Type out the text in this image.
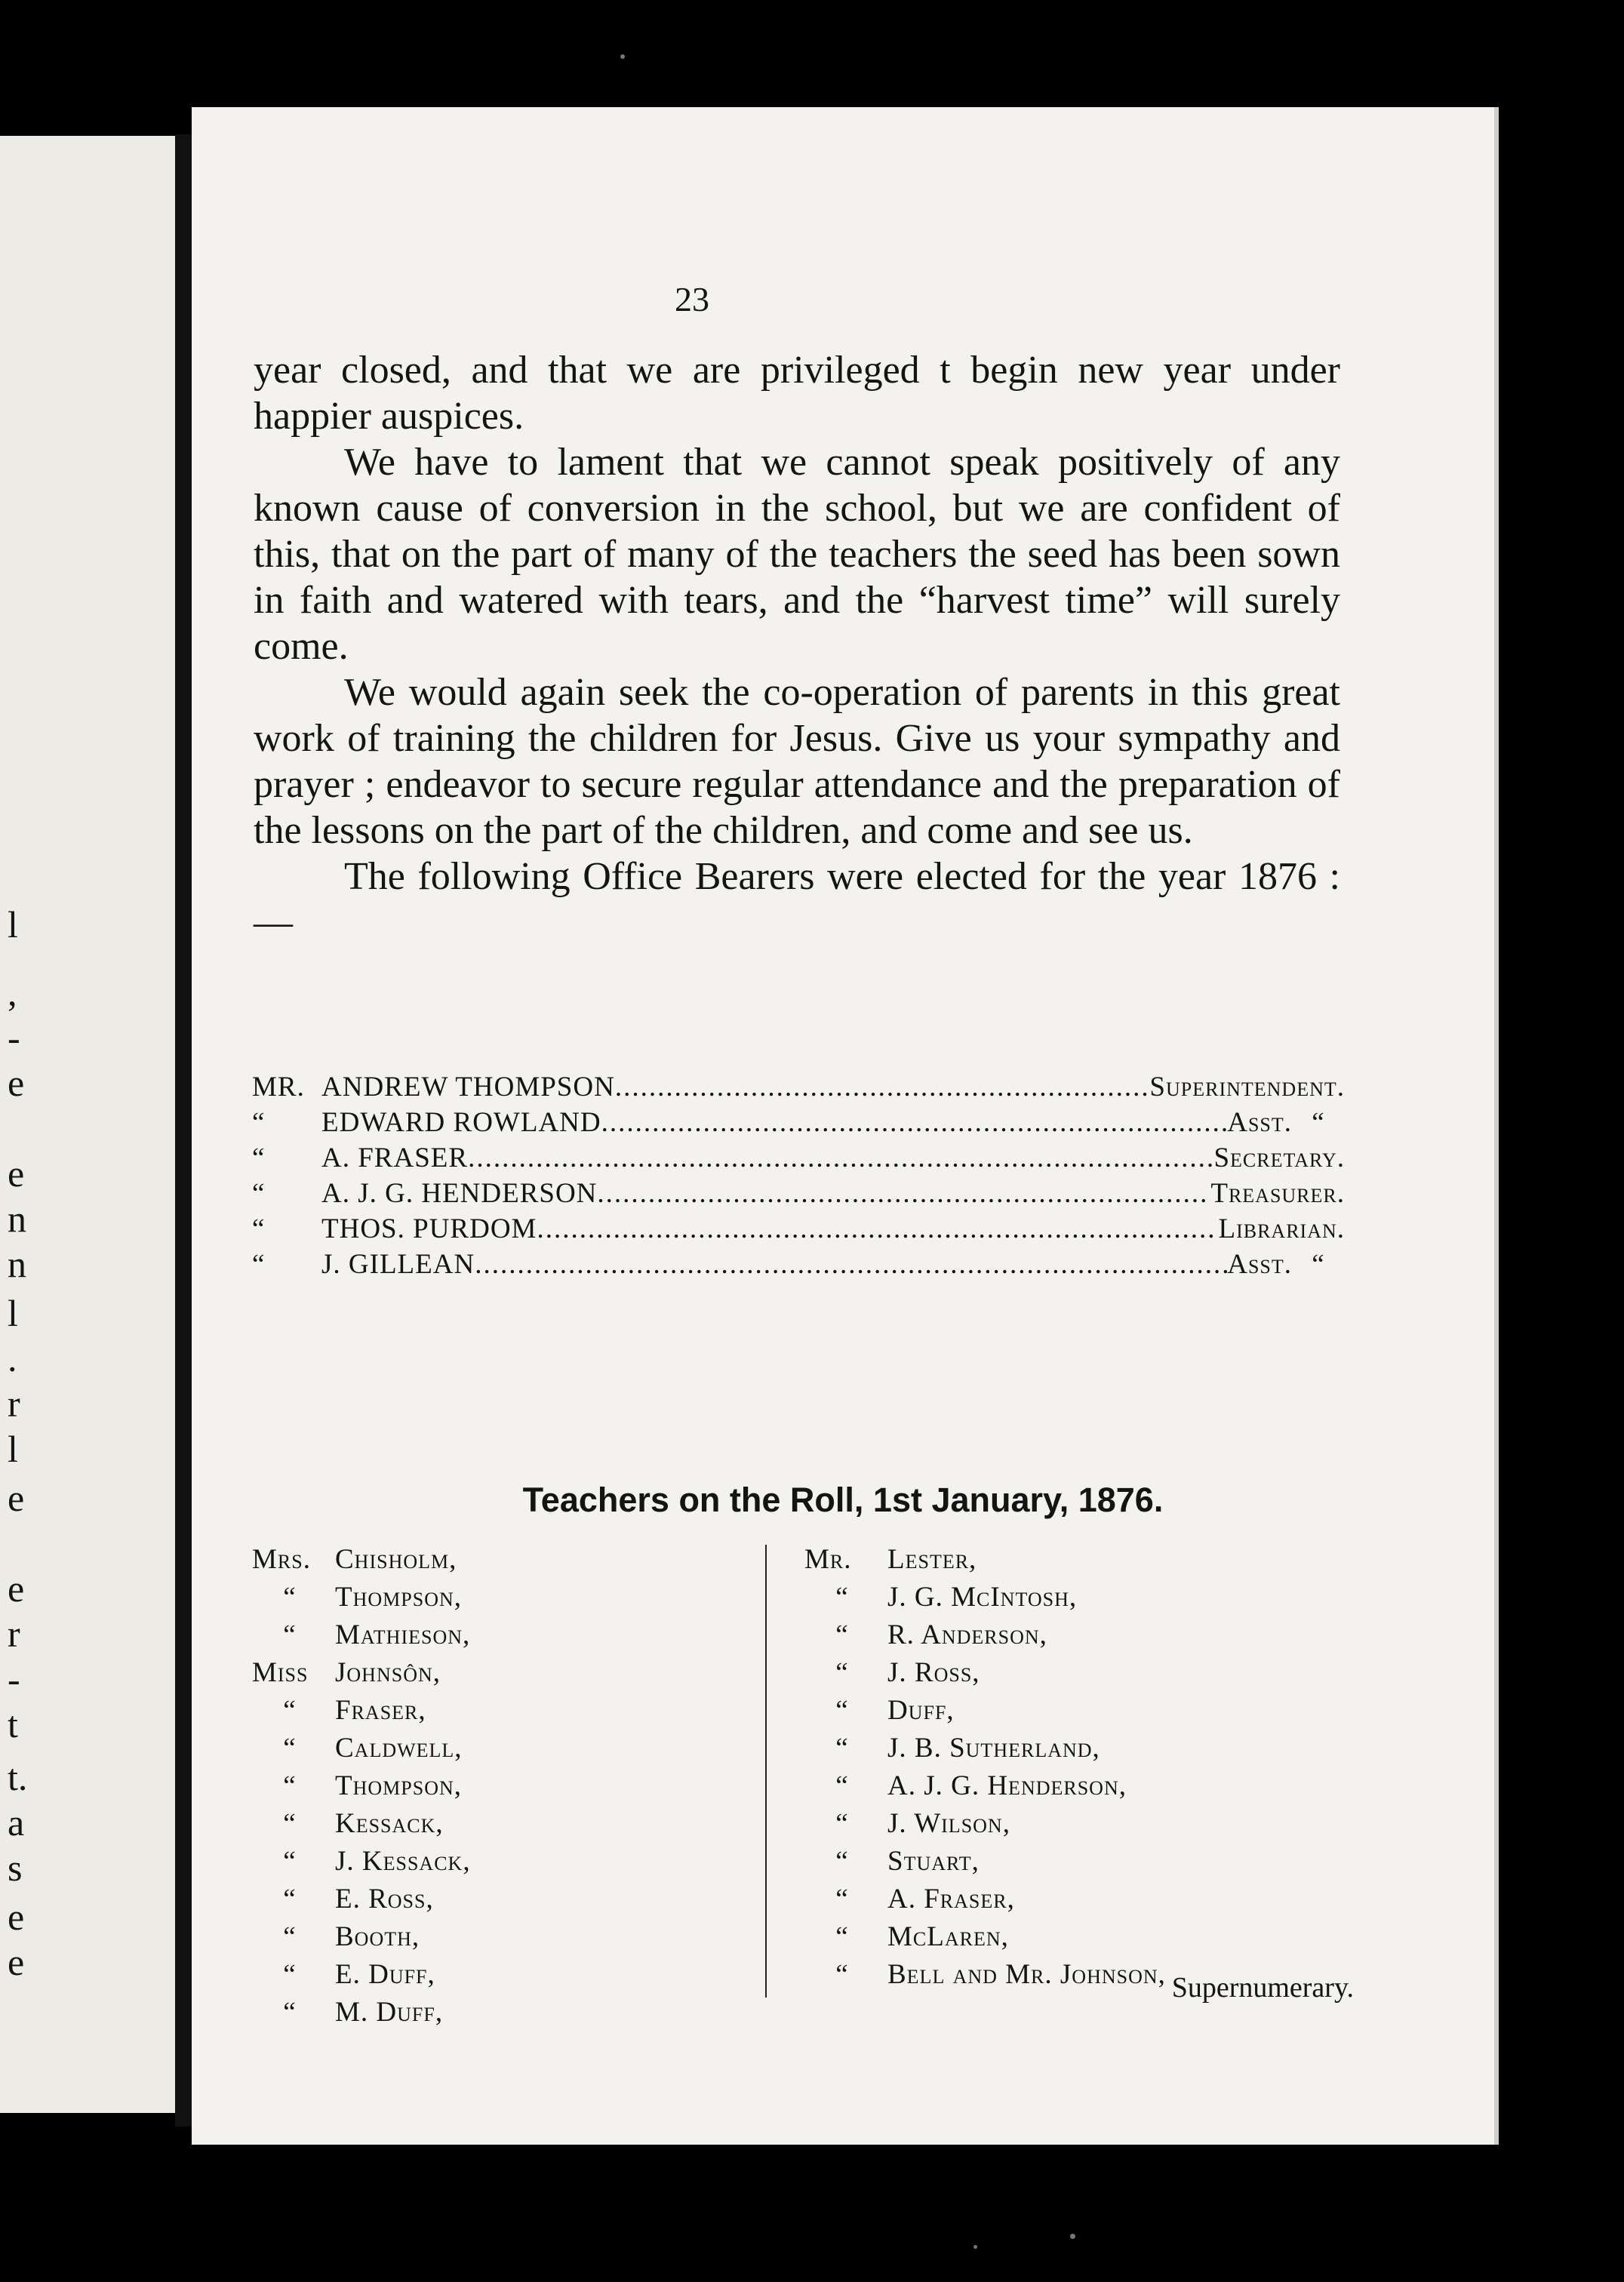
l
,
-
e
e
n
n
l
.
r
l
e
e
r
-
t
t.
a
s
e
e
23

year closed, and that we are privileged t begin new year under happier auspices.

We have to lament that we cannot speak positively of any known cause of conversion in the school, but we are confident of this, that on the part of many of the teachers the seed has been sown in faith and watered with tears, and the “harvest time” will surely come.

We would again seek the co-operation of parents in this great work of training the children for Jesus. Give us your sympathy and prayer ; endeavor to secure regular attendance and the preparation of the lessons on the part of the children, and come and see us.

The following Office Bearers were elected for the year 1876 :—

MR. ANDREW THOMPSON .....	Superintendent.
“	EDWARD ROWLAND .....	Asst. “
“	A. FRASER .....	Secretary.
“	A. J. G. HENDERSON .....	Treasurer.
“	THOS. PURDOM .....	Librarian.
“	J. GILLEAN .....	Asst. “
Teachers on the Roll, 1st January, 1876.
Mrs. Chisholm,
“	Thompson,
“	Mathieson,
Miss Johnsôn,
“	Fraser,
“	Caldwell,
“	Thompson,
“	Kessack,
“	J. Kessack,
“	E. Ross,
“	Booth,
“	E. Duff,
“	M. Duff,
Mr.	Lester,
“	J. G. McIntosh,
“	R. Anderson,
“	J. Ross,
“	Duff,
“	J. B. Sutherland,
“	A. J. G. Henderson,
“	J. Wilson,
“	Stuart,
“	A. Fraser,
“	McLaren,
“	Bell and Mr. Johnson, Supernumerary.
